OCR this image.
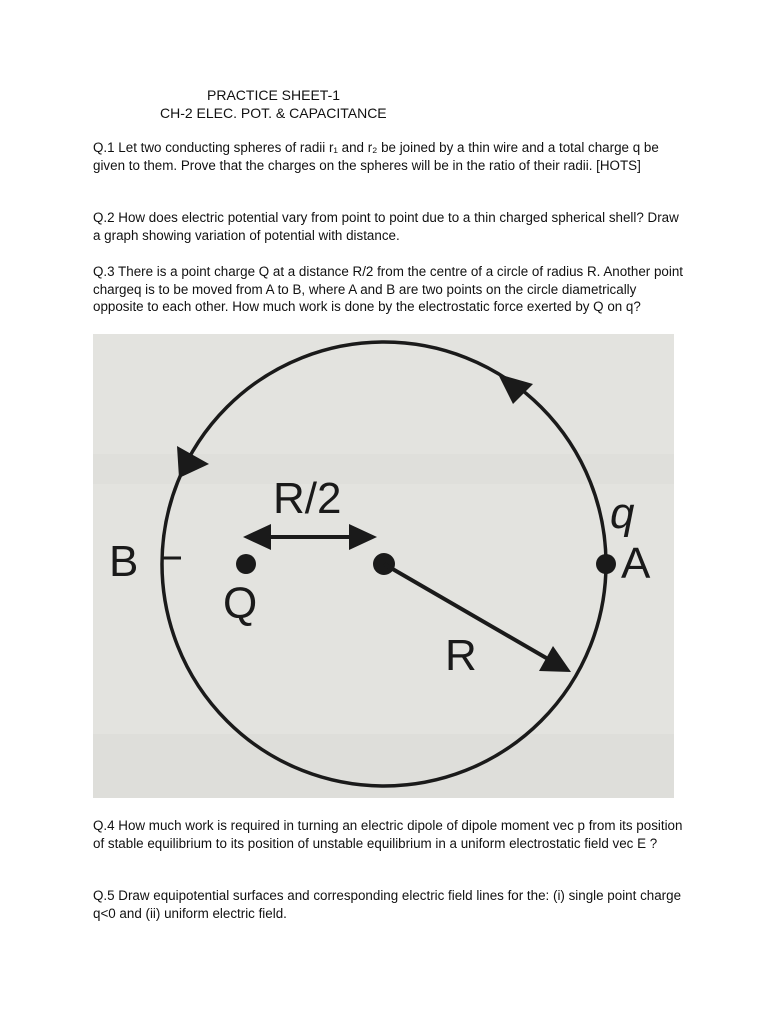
PRACTICE SHEET-1
CH-2 ELEC. POT. & CAPACITANCE
Q.1 Let two conducting spheres of radii r₁ and r₂ be joined by a thin wire and a total charge q be given to them. Prove that the charges on the spheres will be in the ratio of their radii. [HOTS]
Q.2 How does electric potential vary from point to point due to a thin charged spherical shell? Draw a graph showing variation of potential with distance.
Q.3 There is a point charge Q at a distance R/2 from the centre of a circle of radius R. Another point chargeq is to be moved from A to B, where A and B are two points on the circle diametrically opposite to each other. How much work is done by the electrostatic force exerted by Q on q?
R/2
B
Q
q
A
R
Q.4 How much work is required in turning an electric dipole of dipole moment vec p from its position of stable equilibrium to its position of unstable equilibrium in a uniform electrostatic field vec E ?
Q.5 Draw equipotential surfaces and corresponding electric field lines for the: (i) single point charge q<0 and (ii) uniform electric field.
